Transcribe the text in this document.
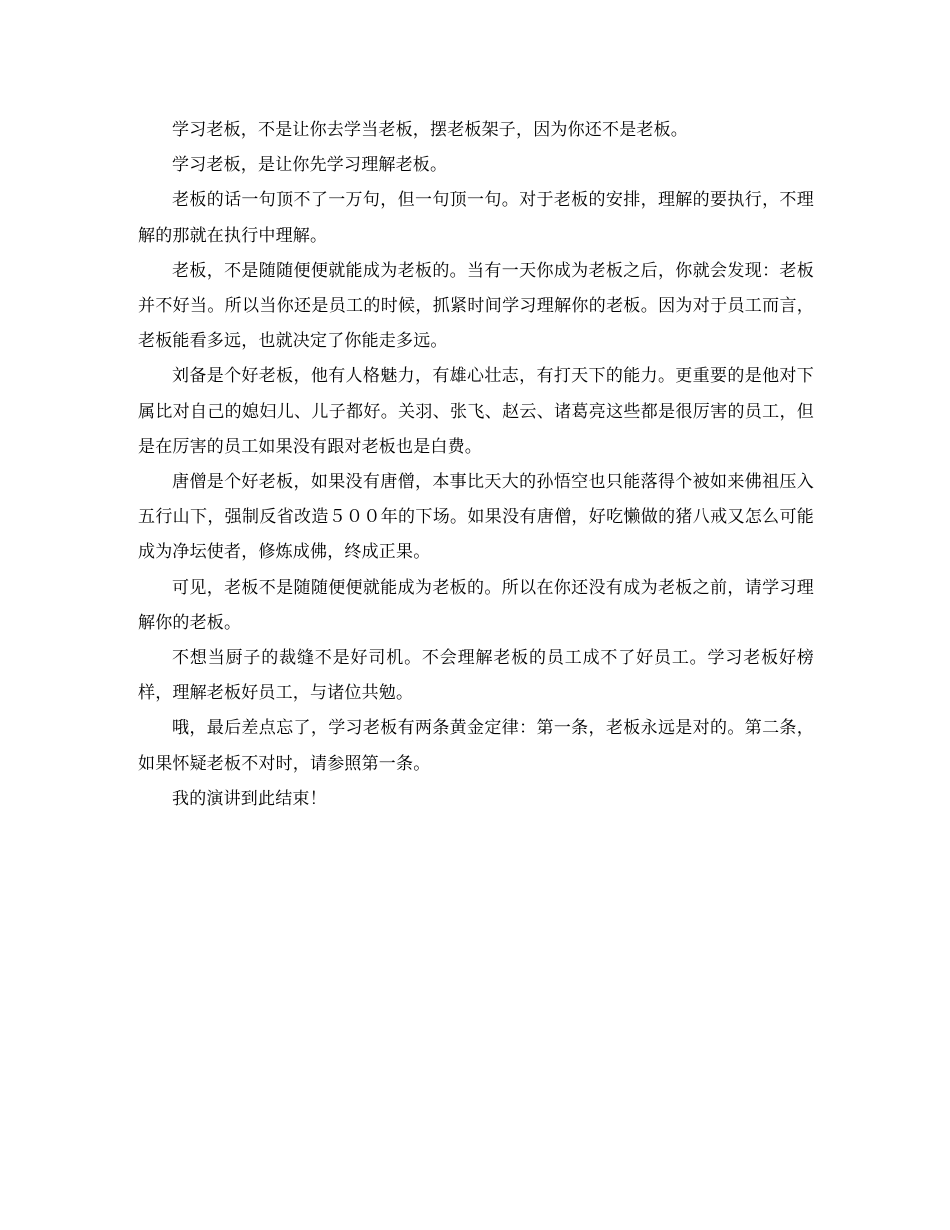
学习老板，不是让你去学当老板，摆老板架子，因为你还不是老板。

学习老板，是让你先学习理解老板。

老板的话一句顶不了一万句，但一句顶一句。对于老板的安排，理解的要执行，不理解的那就在执行中理解。

老板，不是随随便便就能成为老板的。当有一天你成为老板之后，你就会发现：老板并不好当。所以当你还是员工的时候，抓紧时间学习理解你的老板。因为对于员工而言，老板能看多远，也就决定了你能走多远。

刘备是个好老板，他有人格魅力，有雄心壮志，有打天下的能力。更重要的是他对下属比对自己的媳妇儿、儿子都好。关羽、张飞、赵云、诸葛亮这些都是很厉害的员工，但是在厉害的员工如果没有跟对老板也是白费。

唐僧是个好老板，如果没有唐僧，本事比天大的孙悟空也只能落得个被如来佛祖压入五行山下，强制反省改造５００年的下场。如果没有唐僧，好吃懒做的猪八戒又怎么可能成为净坛使者，修炼成佛，终成正果。

可见，老板不是随随便便就能成为老板的。所以在你还没有成为老板之前，请学习理解你的老板。

不想当厨子的裁缝不是好司机。不会理解老板的员工成不了好员工。学习老板好榜样，理解老板好员工，与诸位共勉。

哦，最后差点忘了，学习老板有两条黄金定律：第一条，老板永远是对的。第二条，如果怀疑老板不对时，请参照第一条。

我的演讲到此结束！
